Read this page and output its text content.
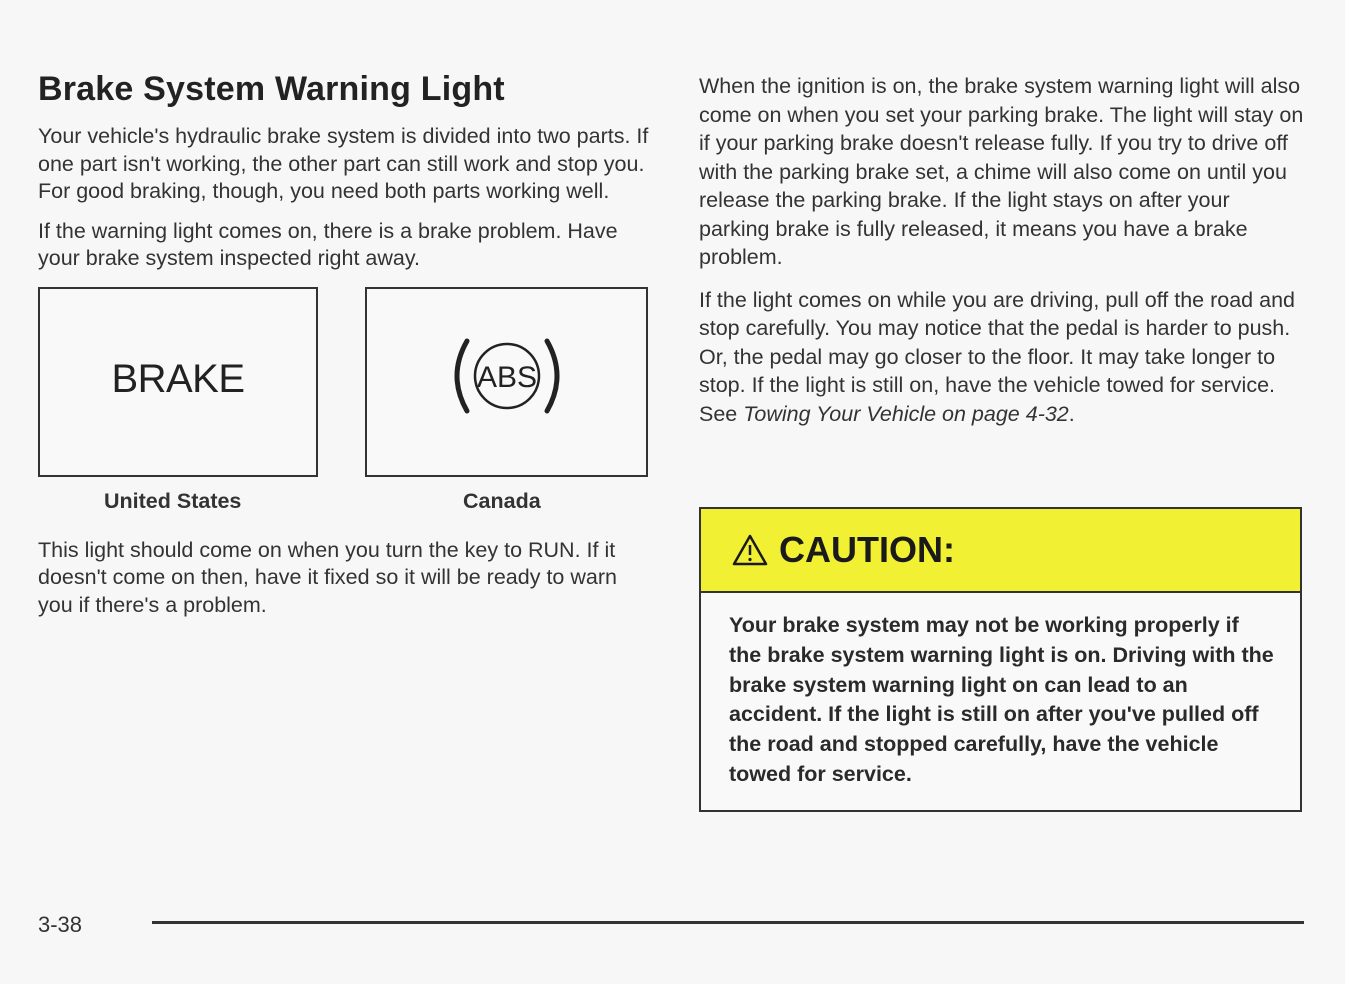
Brake System Warning Light

Your vehicle's hydraulic brake system is divided into two parts. If one part isn't working, the other part can still work and stop you. For good braking, though, you need both parts working well.

If the warning light comes on, there is a brake problem. Have your brake system inspected right away.

BRAKE	ABS
United States	Canada

This light should come on when you turn the key to RUN. If it doesn't come on then, have it fixed so it will be ready to warn you if there's a problem.

When the ignition is on, the brake system warning light will also come on when you set your parking brake. The light will stay on if your parking brake doesn't release fully. If you try to drive off with the parking brake set, a chime will also come on until you release the parking brake. If the light stays on after your parking brake is fully released, it means you have a brake problem.

If the light comes on while you are driving, pull off the road and stop carefully. You may notice that the pedal is harder to push. Or, the pedal may go closer to the floor. It may take longer to stop. If the light is still on, have the vehicle towed for service. See Towing Your Vehicle on page 4-32.

CAUTION:
Your brake system may not be working properly if the brake system warning light is on. Driving with the brake system warning light on can lead to an accident. If the light is still on after you've pulled off the road and stopped carefully, have the vehicle towed for service.
3-38
